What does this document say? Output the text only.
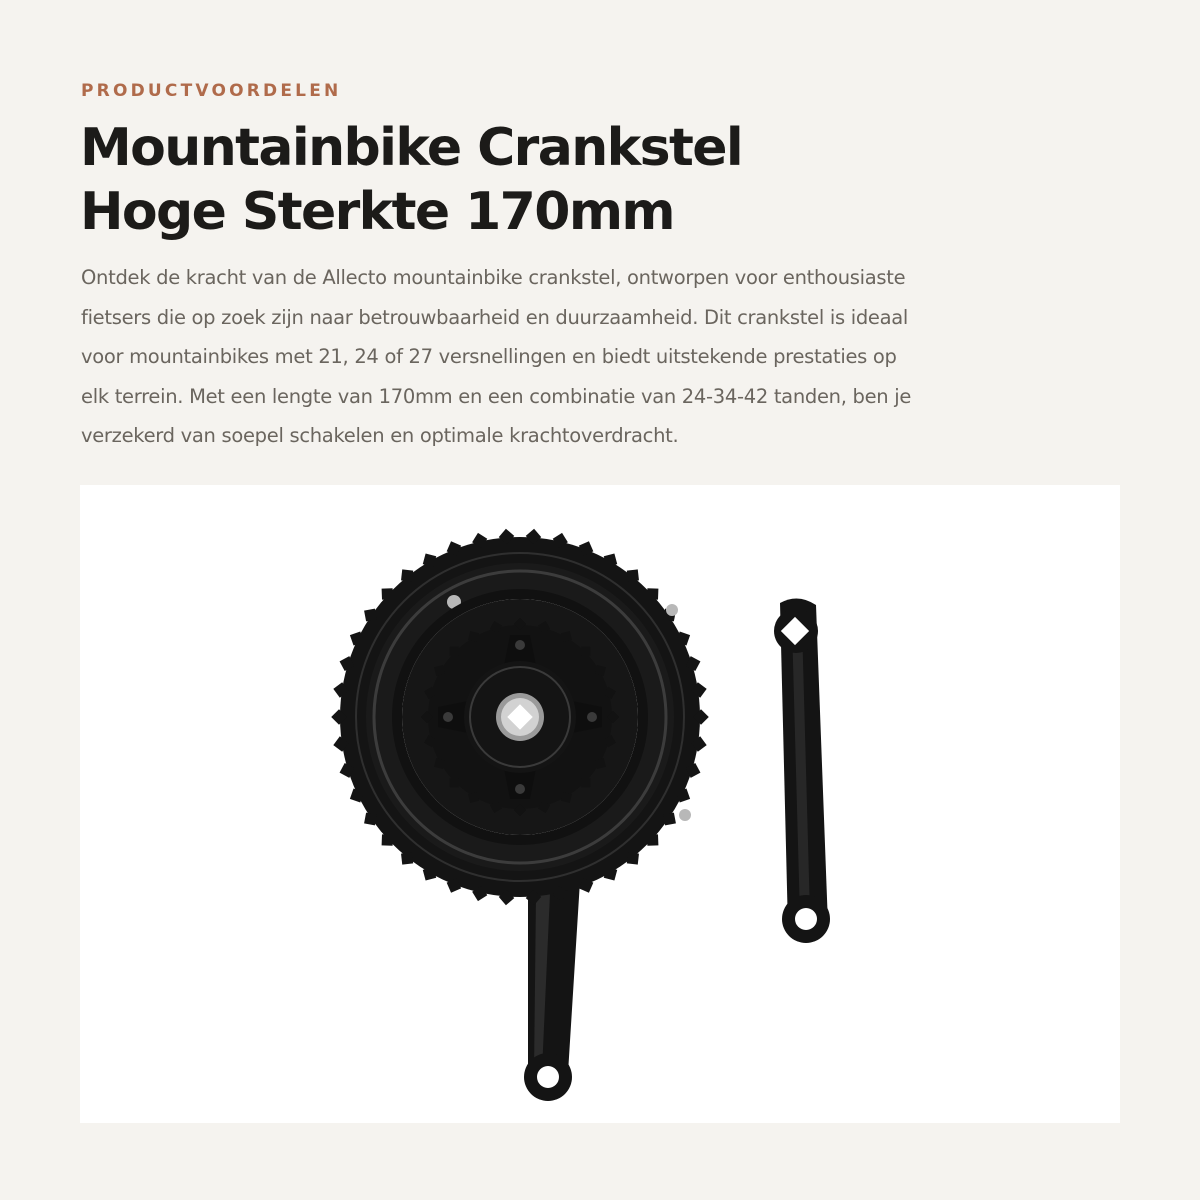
PRODUCTVOORDELEN
Mountainbike Crankstel
Hoge Sterkte 170mm

Ontdek de kracht van de Allecto mountainbike crankstel, ontworpen voor enthousiaste
fietsers die op zoek zijn naar betrouwbaarheid en duurzaamheid. Dit crankstel is ideaal
voor mountainbikes met 21, 24 of 27 versnellingen en biedt uitstekende prestaties op
elk terrein. Met een lengte van 170mm en een combinatie van 24-34-42 tanden, ben je
verzekerd van soepel schakelen en optimale krachtoverdracht.
